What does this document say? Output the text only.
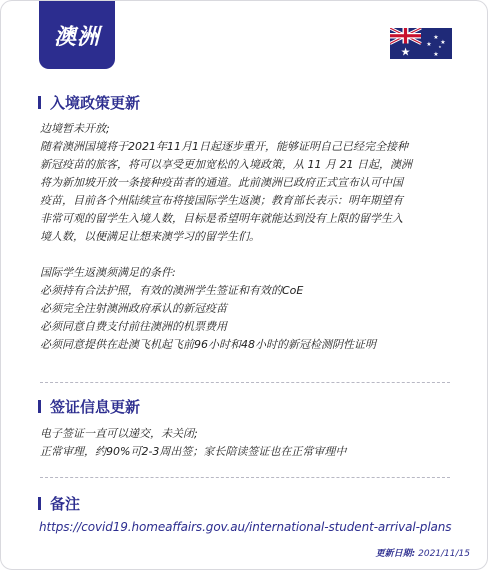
澳洲
★
★
★ ★
★
★
入境政策更新

边境暂未开放;

随着澳洲国境将于2021年11月1日起逐步重开，能够证明自己已经完全接种

新冠疫苗的旅客，将可以享受更加宽松的入境政策，从 11 月 21 日起，澳洲

将为新加坡开放一条接种疫苗者的通道。此前澳洲已政府正式宣布认可中国

疫苗，目前各个州陆续宣布将接国际学生返澳；教育部长表示：明年期望有

非常可观的留学生入境人数，目标是希望明年就能达到没有上限的留学生入

境人数，以便满足让想来澳学习的留学生们。

国际学生返澳须满足的条件:

必须持有合法护照，有效的澳洲学生签证和有效的CoE

必须完全注射澳洲政府承认的新冠疫苗

必须同意自费支付前往澳洲的机票费用

必须同意提供在赴澳飞机起飞前96小时和48小时的新冠检测阴性证明

签证信息更新

电子签证一直可以递交，未关闭;

正常审理，约90%可2-3周出签；家长陪读签证也在正常审理中

备注
https://covid19.homeaffairs.gov.au/international-student-arrival-plans
更新日期: 2021/11/15
